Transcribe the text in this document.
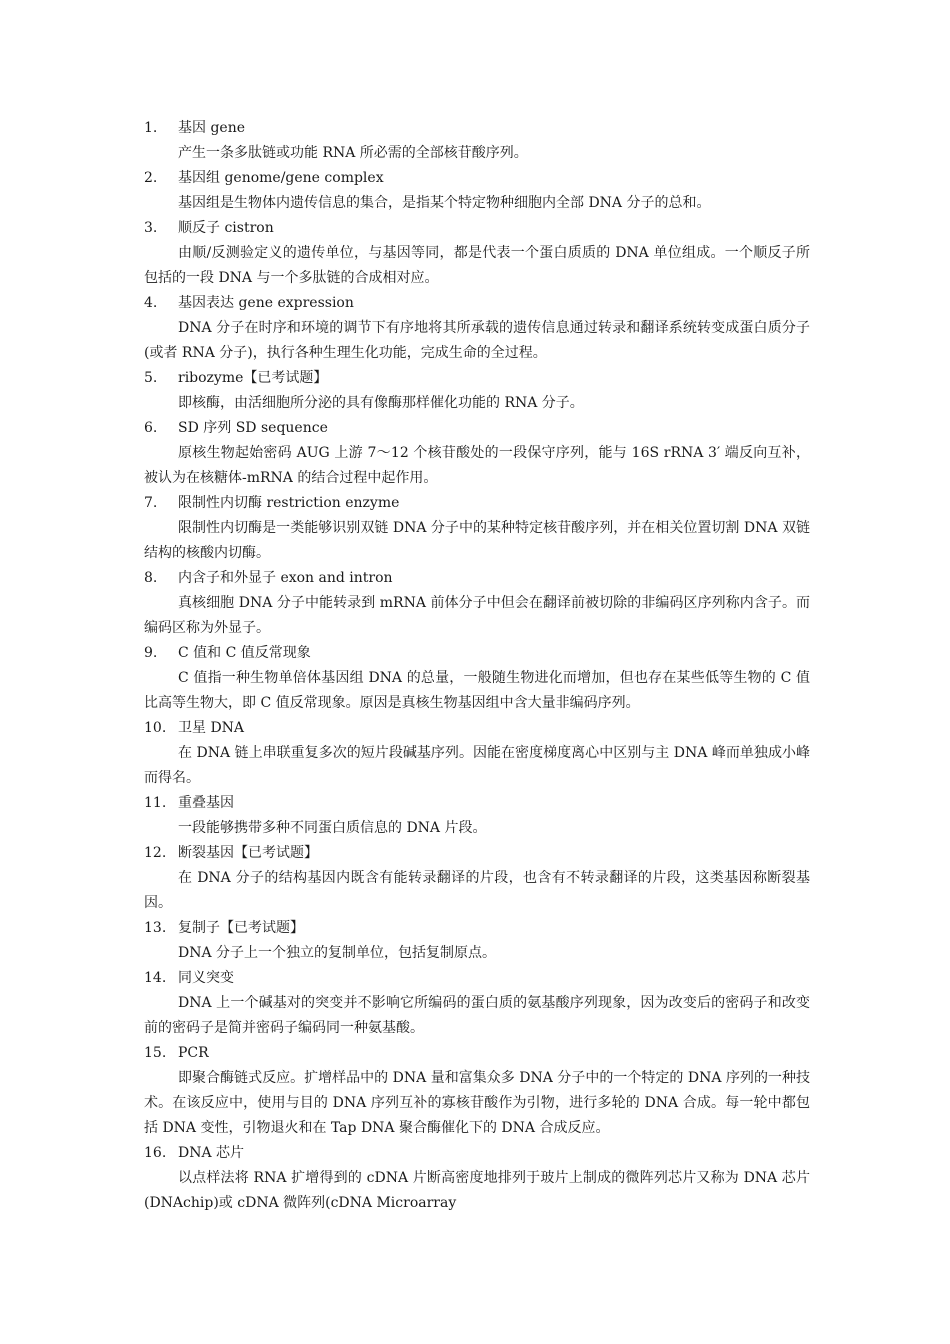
1. 基因 gene

产生一条多肽链或功能 RNA 所必需的全部核苷酸序列。

2. 基因组 genome/gene complex

基因组是生物体内遗传信息的集合，是指某个特定物种细胞内全部 DNA 分子的总和。

3. 顺反子 cistron

由顺/反测验定义的遗传单位，与基因等同，都是代表一个蛋白质质的 DNA 单位组成。一个顺反子所包括的一段 DNA 与一个多肽链的合成相对应。

4. 基因表达 gene expression

DNA 分子在时序和环境的调节下有序地将其所承载的遗传信息通过转录和翻译系统转变成蛋白质分子(或者 RNA 分子)，执行各种生理生化功能，完成生命的全过程。

5. ribozyme【已考试题】

即核酶，由活细胞所分泌的具有像酶那样催化功能的 RNA 分子。

6. SD 序列 SD sequence

原核生物起始密码 AUG 上游 7～12 个核苷酸处的一段保守序列，能与 16S rRNA 3′ 端反向互补，被认为在核糖体-mRNA 的结合过程中起作用。

7. 限制性内切酶 restriction enzyme

限制性内切酶是一类能够识别双链 DNA 分子中的某种特定核苷酸序列，并在相关位置切割 DNA 双链结构的核酸内切酶。

8. 内含子和外显子 exon and intron

真核细胞 DNA 分子中能转录到 mRNA 前体分子中但会在翻译前被切除的非编码区序列称内含子。而编码区称为外显子。

9. C 值和 C 值反常现象

C 值指一种生物单倍体基因组 DNA 的总量，一般随生物进化而增加，但也存在某些低等生物的 C 值比高等生物大，即 C 值反常现象。原因是真核生物基因组中含大量非编码序列。

10. 卫星 DNA

在 DNA 链上串联重复多次的短片段碱基序列。因能在密度梯度离心中区别与主 DNA 峰而单独成小峰而得名。

11. 重叠基因

一段能够携带多种不同蛋白质信息的 DNA 片段。

12. 断裂基因【已考试题】

在 DNA 分子的结构基因内既含有能转录翻译的片段，也含有不转录翻译的片段，这类基因称断裂基因。

13. 复制子【已考试题】

DNA 分子上一个独立的复制单位，包括复制原点。

14. 同义突变

DNA 上一个碱基对的突变并不影响它所编码的蛋白质的氨基酸序列现象，因为改变后的密码子和改变前的密码子是简并密码子编码同一种氨基酸。

15. PCR

即聚合酶链式反应。扩增样品中的 DNA 量和富集众多 DNA 分子中的一个特定的 DNA 序列的一种技术。在该反应中，使用与目的 DNA 序列互补的寡核苷酸作为引物，进行多轮的 DNA 合成。每一轮中都包括 DNA 变性，引物退火和在 Tap DNA 聚合酶催化下的 DNA 合成反应。

16. DNA 芯片

以点样法将 RNA 扩增得到的 cDNA 片断高密度地排列于玻片上制成的微阵列芯片又称为 DNA 芯片(DNAchip)或 cDNA 微阵列(cDNA Microarray
